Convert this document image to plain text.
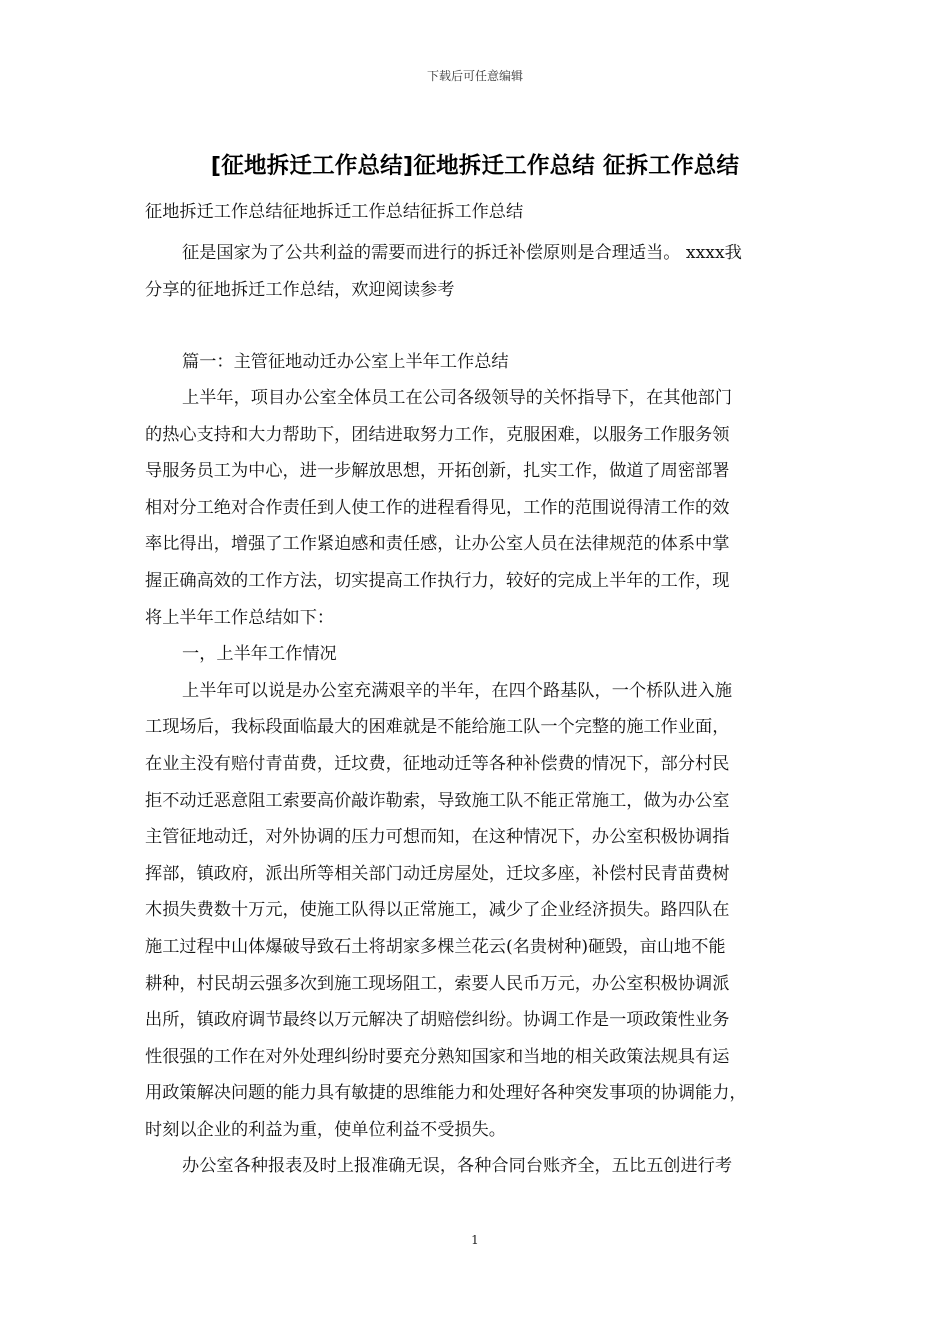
下载后可任意编辑
[征地拆迁工作总结]征地拆迁工作总结 征拆工作总结
征地拆迁工作总结征地拆迁工作总结征拆工作总结
征是国家为了公共利益的需要而进行的拆迁补偿原则是合理适当。 xxxx我
分享的征地拆迁工作总结，欢迎阅读参考
篇一：主管征地动迁办公室上半年工作总结
上半年，项目办公室全体员工在公司各级领导的关怀指导下，在其他部门
的热心支持和大力帮助下，团结进取努力工作，克服困难，以服务工作服务领
导服务员工为中心，进一步解放思想，开拓创新，扎实工作，做道了周密部署
相对分工绝对合作责任到人使工作的进程看得见，工作的范围说得清工作的效
率比得出，增强了工作紧迫感和责任感，让办公室人员在法律规范的体系中掌
握正确高效的工作方法，切实提高工作执行力，较好的完成上半年的工作，现
将上半年工作总结如下：
一，上半年工作情况
上半年可以说是办公室充满艰辛的半年，在四个路基队，一个桥队进入施
工现场后，我标段面临最大的困难就是不能给施工队一个完整的施工作业面，
在业主没有赔付青苗费，迁坟费，征地动迁等各种补偿费的情况下，部分村民
拒不动迁恶意阻工索要高价敲诈勒索，导致施工队不能正常施工，做为办公室
主管征地动迁，对外协调的压力可想而知，在这种情况下，办公室积极协调指
挥部，镇政府，派出所等相关部门动迁房屋处，迁坟多座，补偿村民青苗费树
木损失费数十万元，使施工队得以正常施工，减少了企业经济损失。路四队在
施工过程中山体爆破导致石土将胡家多棵兰花云(名贵树种)砸毁，亩山地不能
耕种，村民胡云强多次到施工现场阻工，索要人民币万元，办公室积极协调派
出所，镇政府调节最终以万元解决了胡赔偿纠纷。协调工作是一项政策性业务
性很强的工作在对外处理纠纷时要充分熟知国家和当地的相关政策法规具有运
用政策解决问题的能力具有敏捷的思维能力和处理好各种突发事项的协调能力，
时刻以企业的利益为重，使单位利益不受损失。
办公室各种报表及时上报准确无误，各种合同台账齐全，五比五创进行考
1
